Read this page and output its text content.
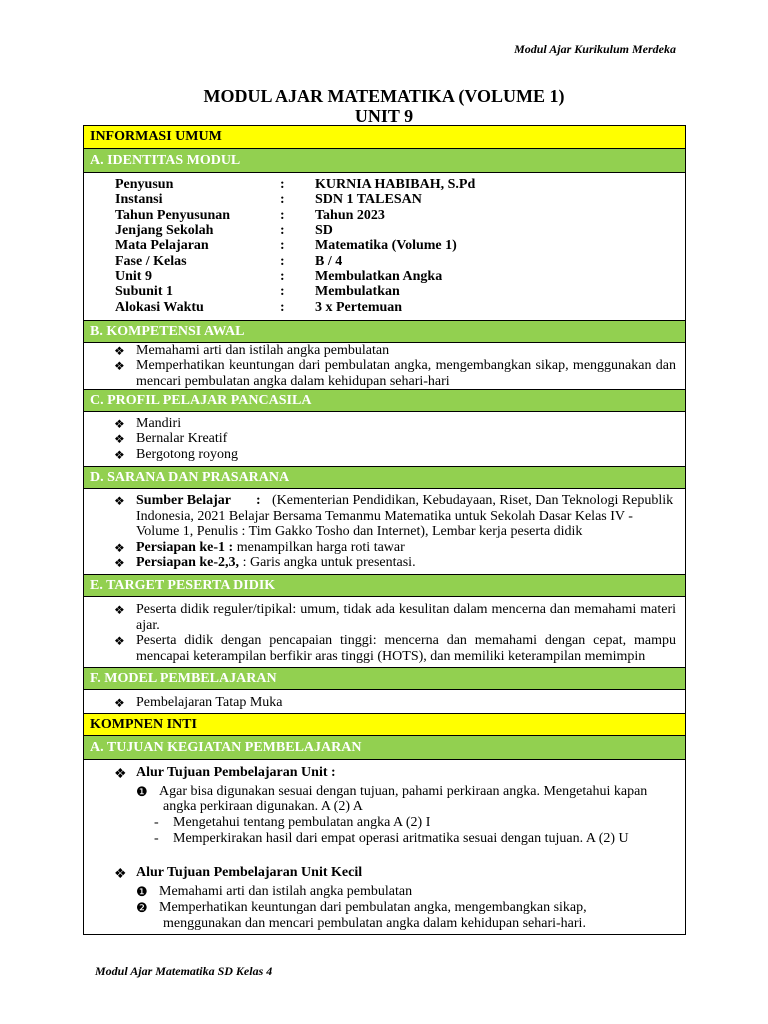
Modul Ajar Kurikulum Merdeka
MODUL AJAR MATEMATIKA (VOLUME 1)
UNIT 9
INFORMASI UMUM
A. IDENTITAS MODUL
Penyusun	: KURNIA HABIBAH, S.Pd
Instansi	: SDN 1 TALESAN
Tahun Penyusunan	: Tahun 2023
Jenjang Sekolah	: SD
Mata Pelajaran	: Matematika (Volume 1)
Fase / Kelas	: B / 4
Unit 9	: Membulatkan Angka
Subunit 1	: Membulatkan
Alokasi Waktu	: 3 x Pertemuan
B. KOMPETENSI AWAL
❖ Memahami arti dan istilah angka pembulatan
❖ Memperhatikan keuntungan dari pembulatan angka, mengembangkan sikap, menggunakan dan mencari pembulatan angka dalam kehidupan sehari-hari
C. PROFIL PELAJAR PANCASILA
❖ Mandiri
❖ Bernalar Kreatif
❖ Bergotong royong
D. SARANA DAN PRASARANA
❖ Sumber Belajar : (Kementerian Pendidikan, Kebudayaan, Riset, Dan Teknologi Republik Indonesia, 2021 Belajar Bersama Temanmu Matematika untuk Sekolah Dasar Kelas IV - Volume 1, Penulis : Tim Gakko Tosho dan Internet), Lembar kerja peserta didik
❖ Persiapan ke-1 : menampilkan harga roti tawar
❖ Persiapan ke-2,3, : Garis angka untuk presentasi.
E. TARGET PESERTA DIDIK
❖ Peserta didik reguler/tipikal: umum, tidak ada kesulitan dalam mencerna dan memahami materi ajar.
❖ Peserta didik dengan pencapaian tinggi: mencerna dan memahami dengan cepat, mampu mencapai keterampilan berfikir aras tinggi (HOTS), dan memiliki keterampilan memimpin
F. MODEL PEMBELAJARAN
❖ Pembelajaran Tatap Muka
KOMPNEN INTI
A. TUJUAN KEGIATAN PEMBELAJARAN
❖ Alur Tujuan Pembelajaran Unit :
❶ Agar bisa digunakan sesuai dengan tujuan, pahami perkiraan angka. Mengetahui kapan
angka perkiraan digunakan. A (2) A
- Mengetahui tentang pembulatan angka A (2) I
- Memperkirakan hasil dari empat operasi aritmatika sesuai dengan tujuan. A (2) U
❖ Alur Tujuan Pembelajaran Unit Kecil
❶ Memahami arti dan istilah angka pembulatan
❷ Memperhatikan keuntungan dari pembulatan angka, mengembangkan sikap,
menggunakan dan mencari pembulatan angka dalam kehidupan sehari-hari.
Modul Ajar Matematika SD Kelas 4
